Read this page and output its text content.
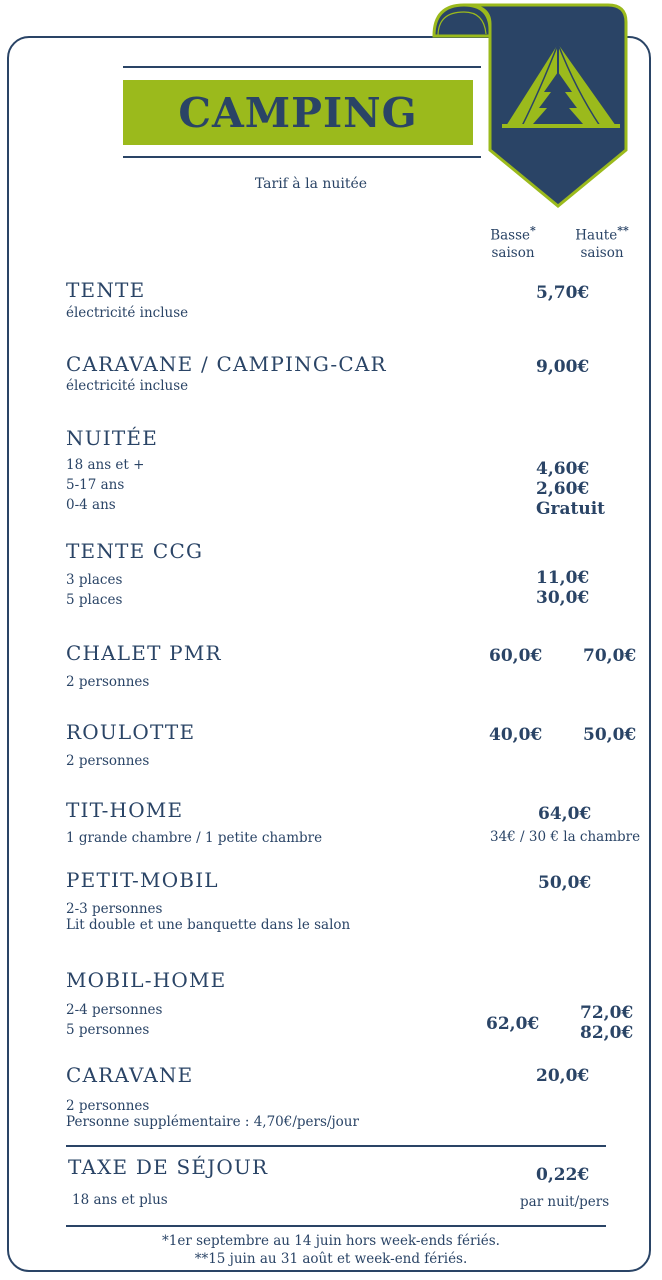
CAMPING
Tarif à la nuitée
Basse*
saison
Haute**
saison
TENTE
électricité incluse
5,70€
CARAVANE / CAMPING-CAR
électricité incluse
9,00€
NUITÉE
18 ans et +
5-17 ans
0-4 ans
4,60€
2,60€
Gratuit
TENTE CCG
3 places
5 places
11,0€
30,0€
CHALET PMR
2 personnes
60,0€ 70,0€
ROULOTTE
2 personnes
40,0€ 50,0€
TIT-HOME
1 grande chambre / 1 petite chambre
64,0€
34€ / 30 € la chambre
PETIT-MOBIL
2-3 personnes
Lit double et une banquette dans le salon
50,0€
MOBIL-HOME
2-4 personnes
5 personnes	62,0€
72,0€
82,0€
CARAVANE
2 personnes
Personne supplémentaire : 4,70€/pers/jour
20,0€
TAXE DE SÉJOUR
18 ans et plus
0,22€
par nuit/pers
*1er septembre au 14 juin hors week-ends fériés.
**15 juin au 31 août et week-end fériés.
